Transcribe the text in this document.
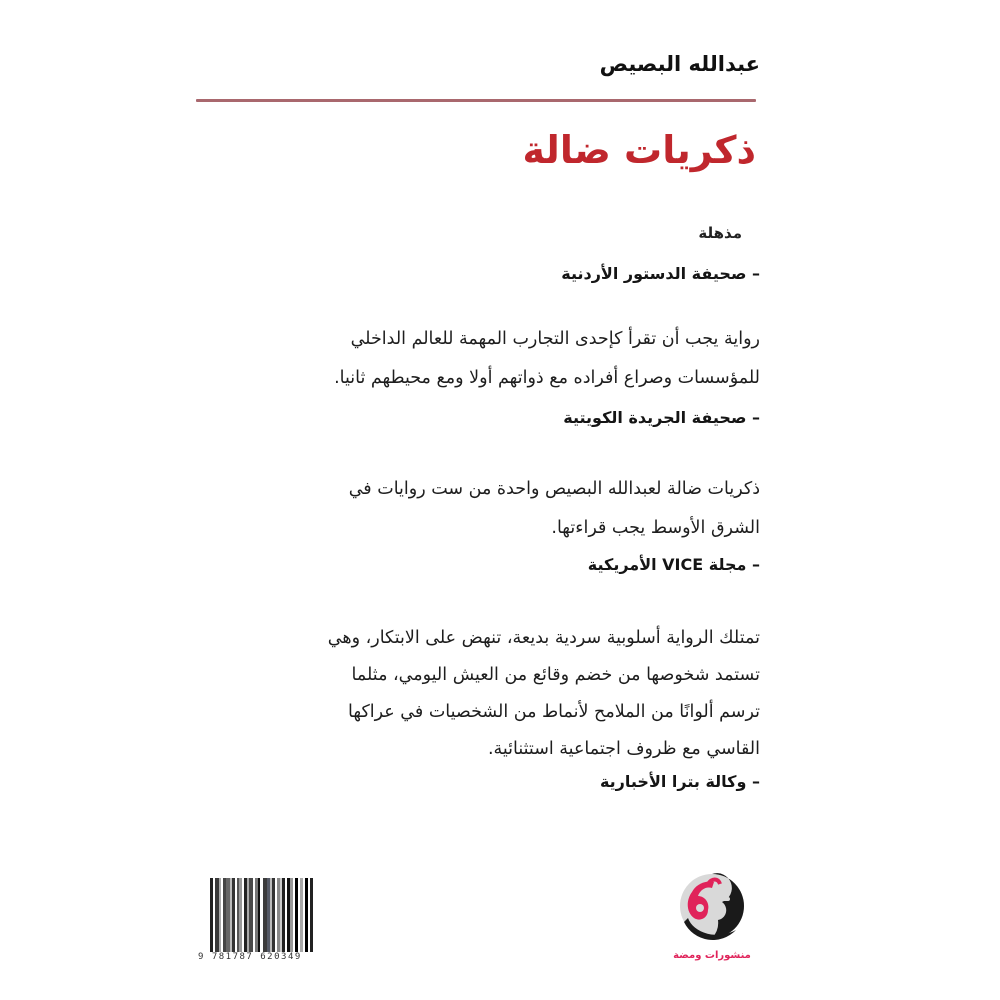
عبدالله البصيص
ذكريات ضالة
مذهلة
– صحيفة الدستور الأردنية
رواية يجب أن تقرأ كإحدى التجارب المهمة للعالم الداخلي
للمؤسسات وصراع أفراده مع ذواتهم أولا ومع محيطهم ثانيا.
– صحيفة الجريدة الكويتية
ذكريات ضالة لعبدالله البصيص واحدة من ست روايات في
الشرق الأوسط يجب قراءتها.
– مجلة VICE الأمريكية
تمتلك الرواية أسلوبية سردية بديعة، تنهض على الابتكار، وهي
تستمد شخوصها من خضم وقائع من العيش اليومي، مثلما
ترسم ألوانًا من الملامح لأنماط من الشخصيات في عراكها
القاسي مع ظروف اجتماعية استثنائية.
– وكالة بترا الأخبارية
9 781787 620349	منشورات ومضة
